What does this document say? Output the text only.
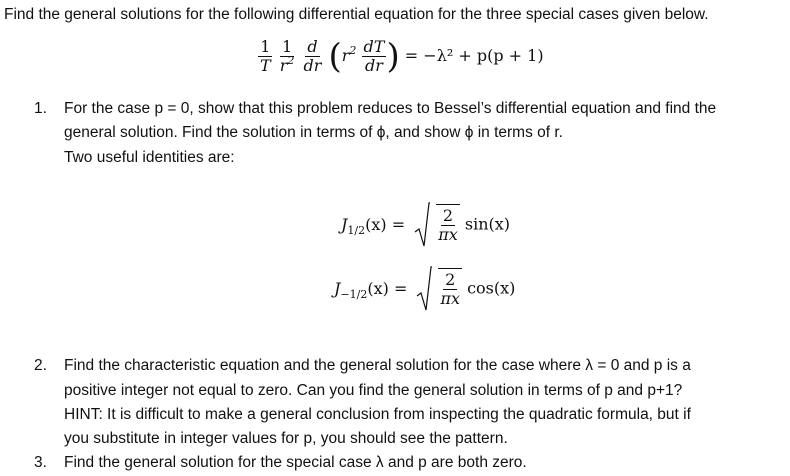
Find the general solutions for the following differential equation for the three special cases given below.
$\frac{1}{T}$
$\frac{1}{r^2}$
$\frac{d}{dr} (r^2 \frac{dT}{dr}$ ) = −λ² + p(p + 1)
1. For the case p = 0, show that this problem reduces to Bessel’s differential equation and find the
general solution. Find the solution in terms of ϕ, and show ϕ in terms of r.
Two useful identities are:
$J_{1/2}(x) = \frac{2}{\pi x} \sin(x)$
$J_{-1/2}(x) = \frac{2}{\pi x} \cos(x)$
2. Find the characteristic equation and the general solution for the case where λ = 0 and p is a
positive integer not equal to zero. Can you find the general solution in terms of p and p+1?
HINT: It is difficult to make a general conclusion from inspecting the quadratic formula, but if
you substitute in integer values for p, you should see the pattern.
3. Find the general solution for the special case λ and p are both zero.
